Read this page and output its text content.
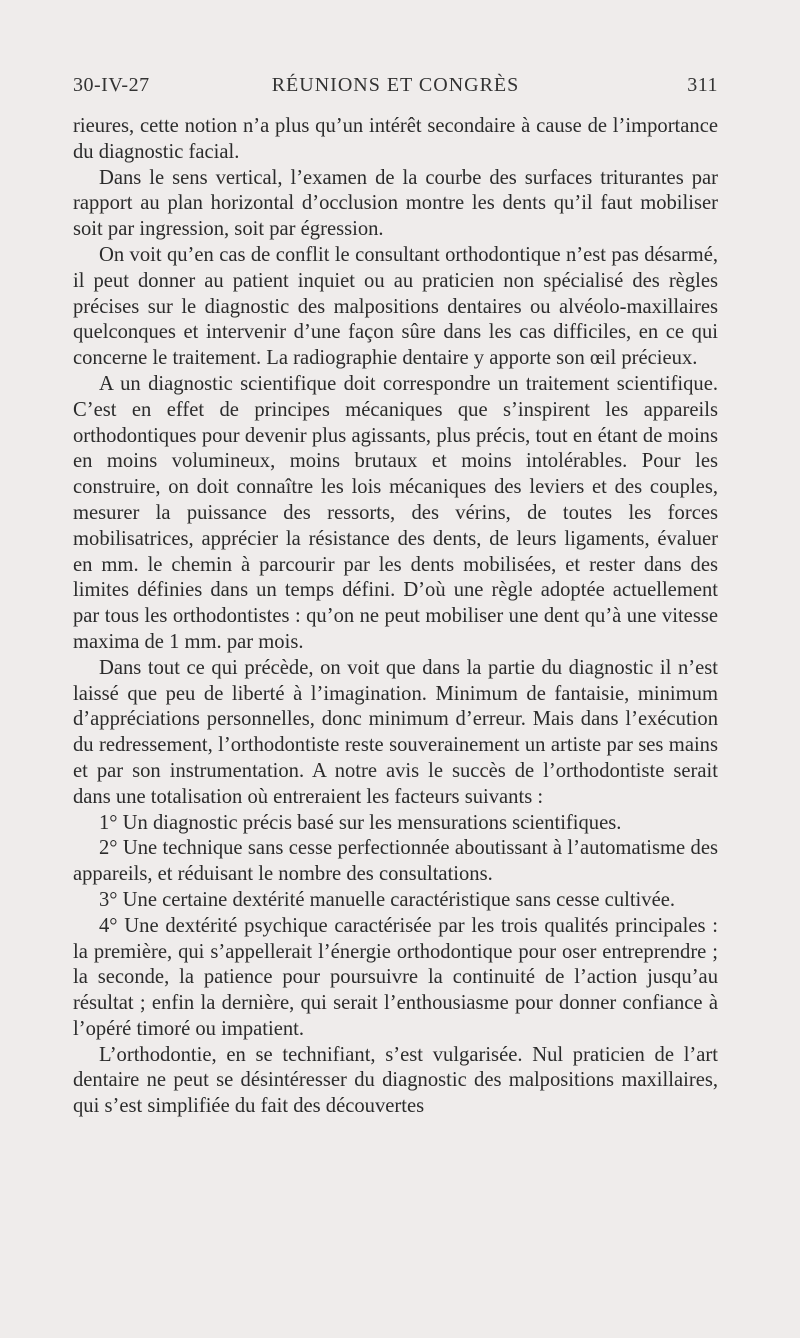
30-IV-27	RÉUNIONS ET CONGRÈS	311

rieures, cette notion n’a plus qu’un intérêt secondaire à cause de l’importance du diagnostic facial.

Dans le sens vertical, l’examen de la courbe des surfaces triturantes par rapport au plan horizontal d’occlusion montre les dents qu’il faut mobiliser soit par ingression, soit par égression.

On voit qu’en cas de conflit le consultant orthodontique n’est pas désarmé, il peut donner au patient inquiet ou au praticien non spécialisé des règles précises sur le diagnostic des malpositions dentaires ou alvéolo-maxillaires quelconques et intervenir d’une façon sûre dans les cas difficiles, en ce qui concerne le traitement. La radiographie dentaire y apporte son œil précieux.

A un diagnostic scientifique doit correspondre un traitement scientifique. C’est en effet de principes mécaniques que s’inspirent les appareils orthodontiques pour devenir plus agissants, plus précis, tout en étant de moins en moins volumineux, moins brutaux et moins intolérables. Pour les construire, on doit connaître les lois mécaniques des leviers et des couples, mesurer la puissance des ressorts, des vérins, de toutes les forces mobilisatrices, apprécier la résistance des dents, de leurs ligaments, évaluer en mm. le chemin à parcourir par les dents mobilisées, et rester dans des limites définies dans un temps défini. D’où une règle adoptée actuellement par tous les orthodontistes : qu’on ne peut mobiliser une dent qu’à une vitesse maxima de 1 mm. par mois.

Dans tout ce qui précède, on voit que dans la partie du diagnostic il n’est laissé que peu de liberté à l’imagination. Minimum de fantaisie, minimum d’appréciations personnelles, donc minimum d’erreur. Mais dans l’exécution du redressement, l’orthodontiste reste souverainement un artiste par ses mains et par son instrumentation. A notre avis le succès de l’orthodontiste serait dans une totalisation où entreraient les facteurs suivants :

1° Un diagnostic précis basé sur les mensurations scientifiques.

2° Une technique sans cesse perfectionnée aboutissant à l’automatisme des appareils, et réduisant le nombre des consultations.

3° Une certaine dextérité manuelle caractéristique sans cesse cultivée.

4° Une dextérité psychique caractérisée par les trois qualités principales : la première, qui s’appellerait l’énergie orthodontique pour oser entreprendre ; la seconde, la patience pour poursuivre la continuité de l’action jusqu’au résultat ; enfin la dernière, qui serait l’enthousiasme pour donner confiance à l’opéré timoré ou impatient.

L’orthodontie, en se technifiant, s’est vulgarisée. Nul praticien de l’art dentaire ne peut se désintéresser du diagnostic des malpositions maxillaires, qui s’est simplifiée du fait des découvertes
